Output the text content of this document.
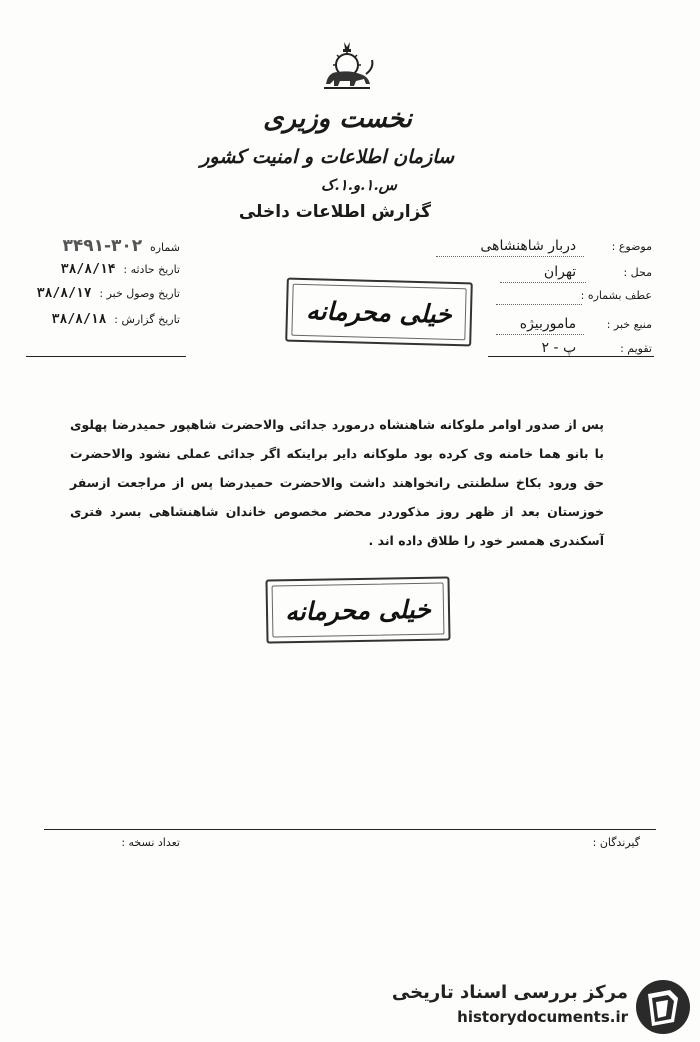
نخست وزیری
سازمان اطلاعات و امنیت کشور
س.۱.و.۱.ک
گزارش اطلاعات داخلی
شماره ۳۰۲-۳۴۹۱
تاریخ حادثه : ۳۸/۸/۱۴
تاریخ وصول خبر : ۳۸/۸/۱۷
تاریخ گزارش : ۳۸/۸/۱۸
موضوع : دربار شاهنشاهی
محل : تهران
عطف بشماره :
منبع خبر : ماموربیژه
تقویم : پ - ۲
خیلی محرمانه
پس از صدور اوامر ملوکانه شاهنشاه درمورد جدائی والاحضرت شاهپور حمیدرضا پهلوی با بانو هما خامنه‌ وی کرده بود ملوکانه داير براينکه اگر جدائی عملی نشود والاحضرت حق ورود بکاخ سلطنتی رانخواهند داشت والاحضرت حمیدرضا پس از مراجعت ازسفر خوزستان بعد از ظهر روز مذکوردر محضر مخصوص خاندان شاهنشاهی بسرد فتری آسکندری همسر خود را طلاق داده اند .
خیلی محرمانه
گیرندگان :
تعداد نسخه :
مرکز بررسی اسناد تاریخی
historydocuments.ir
